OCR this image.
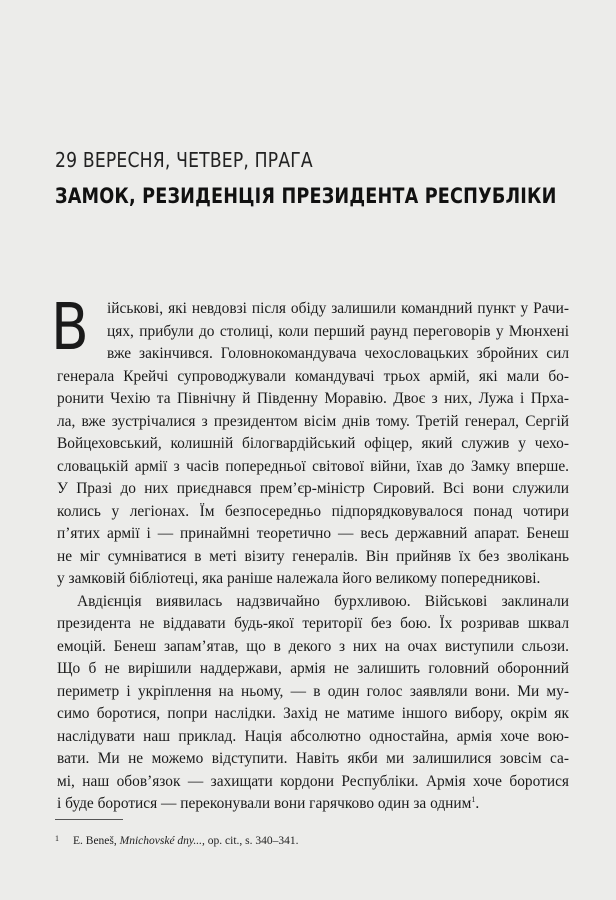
29 ВЕРЕСНЯ, ЧЕТВЕР, ПРАГА
ЗАМОК, РЕЗИДЕНЦІЯ ПРЕЗИДЕНТА РЕСПУБЛІКИ
В	ійськові, які невдовзі після обіду залишили командний пункт у Рачи-
цях, прибули до столиці, коли перший раунд переговорів у Мюнхені
вже закінчився. Головнокомандувача чехословацьких збройних сил
генерала Крейчі супроводжували командувачі трьох армій, які мали бо-
ронити Чехію та Північну й Південну Моравію. Двоє з них, Лужа і Прха-
ла, вже зустрічалися з президентом вісім днів тому. Третій генерал, Сергій
Войцеховський, колишній білогвардійський офіцер, який служив у чехо-
словацькій армії з часів попередньої світової війни, їхав до Замку вперше.
У Празі до них приєднався прем’єр-міністр Сировий. Всі вони служили
колись у легіонах. Їм безпосередньо підпорядковувалося понад чотири
п’ятих армії і — принаймні теоретично — весь державний апарат. Бенеш
не міг сумніватися в меті візиту генералів. Він прийняв їх без зволікань
у замковій бібліотеці, яка раніше належала його великому попередникові.
Авдієнція виявилась надзвичайно бурхливою. Військові заклинали
президента не віддавати будь-якої території без бою. Їх розривав шквал
емоцій. Бенеш запам’ятав, що в декого з них на очах виступили сльози.
Що б не вирішили наддержави, армія не залишить головний оборонний
периметр і укріплення на ньому, — в один голос заявляли вони. Ми му-
симо боротися, попри наслідки. Захід не матиме іншого вибору, окрім як
наслідувати наш приклад. Нація абсолютно одностайна, армія хоче вою-
вати. Ми не можемо відступити. Навіть якби ми залишилися зовсім са-
мі, наш обов’язок — захищати кордони Республіки. Армія хоче боротися
і буде боротися — переконували вони гарячково один за одним$^1$.
$^1$ E. Beneš, Mnichovské dny..., op. cit., s. 340–341.
